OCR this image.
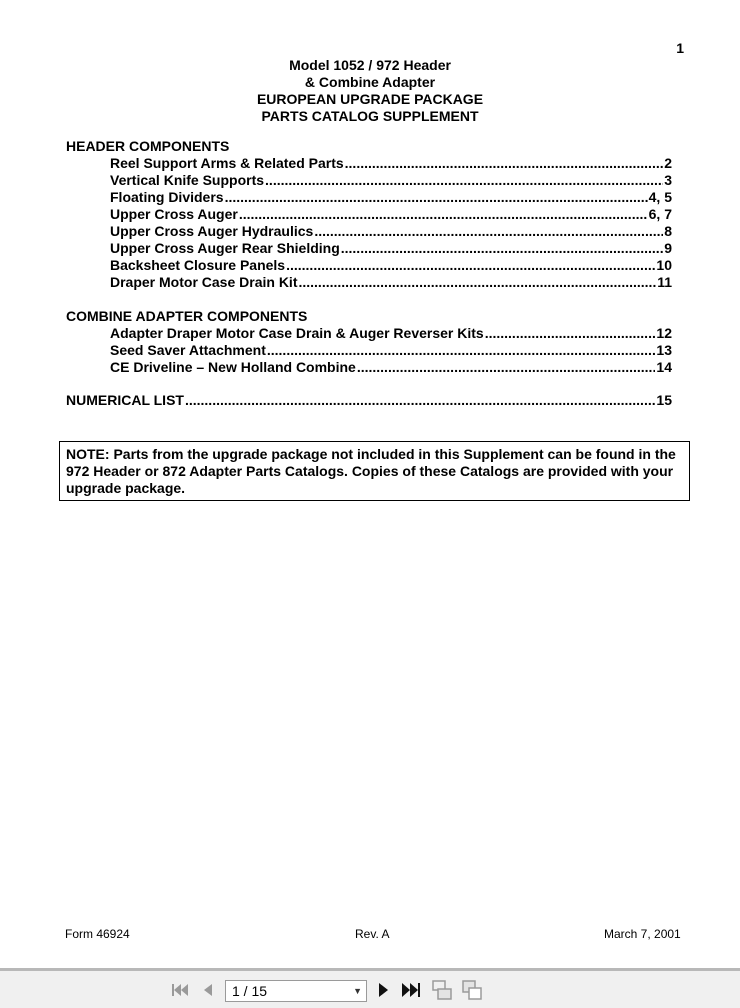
1
Model 1052 / 972 Header
& Combine Adapter
EUROPEAN UPGRADE PACKAGE
PARTS CATALOG SUPPLEMENT
HEADER COMPONENTS
Reel Support Arms & Related Parts .....	2
Vertical Knife Supports .....	3
Floating Dividers .....	4, 5
Upper Cross Auger .....	6, 7
Upper Cross Auger Hydraulics .....	8
Upper Cross Auger Rear Shielding .....	9
Backsheet Closure Panels .....	10
Draper Motor Case Drain Kit .....	11
COMBINE ADAPTER COMPONENTS
Adapter Draper Motor Case Drain & Auger Reverser Kits .....	12
Seed Saver Attachment .....	13
CE Driveline – New Holland Combine .....	14
NUMERICAL LIST .....	15
NOTE: Parts from the upgrade package not included in this Supplement can be found in the 972 Header or 872 Adapter Parts Catalogs. Copies of these Catalogs are provided with your upgrade package.
Form 46924	Rev. A	March 7, 2001
1 / 15	▼
